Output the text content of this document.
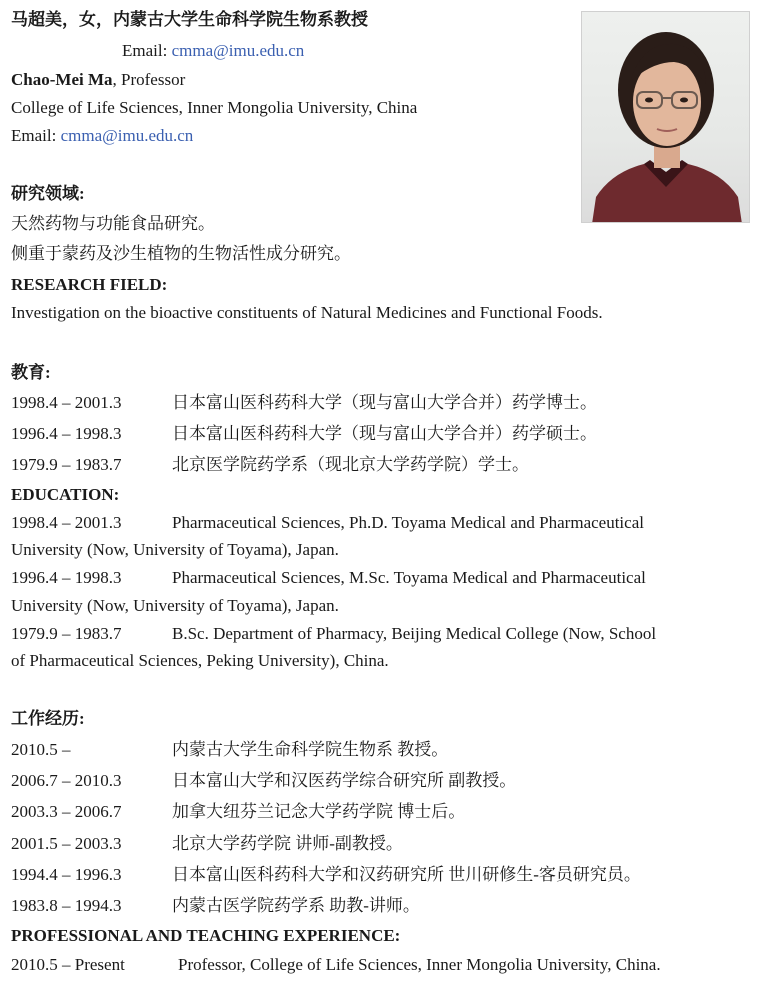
马超美，女，内蒙古大学生命科学院生物系教授
Email: cmma@imu.edu.cn
Chao-Mei Ma, Professor
College of Life Sciences, Inner Mongolia University, China
Email: cmma@imu.edu.cn
研究领域:
天然药物与功能食品研究。
侧重于蒙药及沙生植物的生物活性成分研究。
RESEARCH FIELD:
Investigation on the bioactive constituents of Natural Medicines and Functional Foods.
教育:
1998.4 – 2001.3	日本富山医科药科大学（现与富山大学合并）药学博士。
1996.4 – 1998.3	日本富山医科药科大学（现与富山大学合并）药学硕士。
1979.9 – 1983.7	北京医学院药学系（现北京大学药学院）学士。
EDUCATION:
1998.4 – 2001.3	Pharmaceutical Sciences, Ph.D. Toyama Medical and Pharmaceutical
University (Now, University of Toyama), Japan.
1996.4 – 1998.3	Pharmaceutical Sciences, M.Sc. Toyama Medical and Pharmaceutical
University (Now, University of Toyama), Japan.
1979.9 – 1983.7	B.Sc. Department of Pharmacy, Beijing Medical College (Now, School
of Pharmaceutical Sciences, Peking University), China.
工作经历:
2010.5 –	内蒙古大学生命科学院生物系 教授。
2006.7 – 2010.3	日本富山大学和汉医药学综合研究所 副教授。
2003.3 – 2006.7	加拿大纽芬兰记念大学药学院 博士后。
2001.5 – 2003.3	北京大学药学院 讲师-副教授。
1994.4 – 1996.3	日本富山医科药科大学和汉药研究所 世川研修生-客员研究员。
1983.8 – 1994.3	内蒙古医学院药学系 助教-讲师。
PROFESSIONAL AND TEACHING EXPERIENCE:
2010.5 – Present	Professor, College of Life Sciences, Inner Mongolia University, China.
